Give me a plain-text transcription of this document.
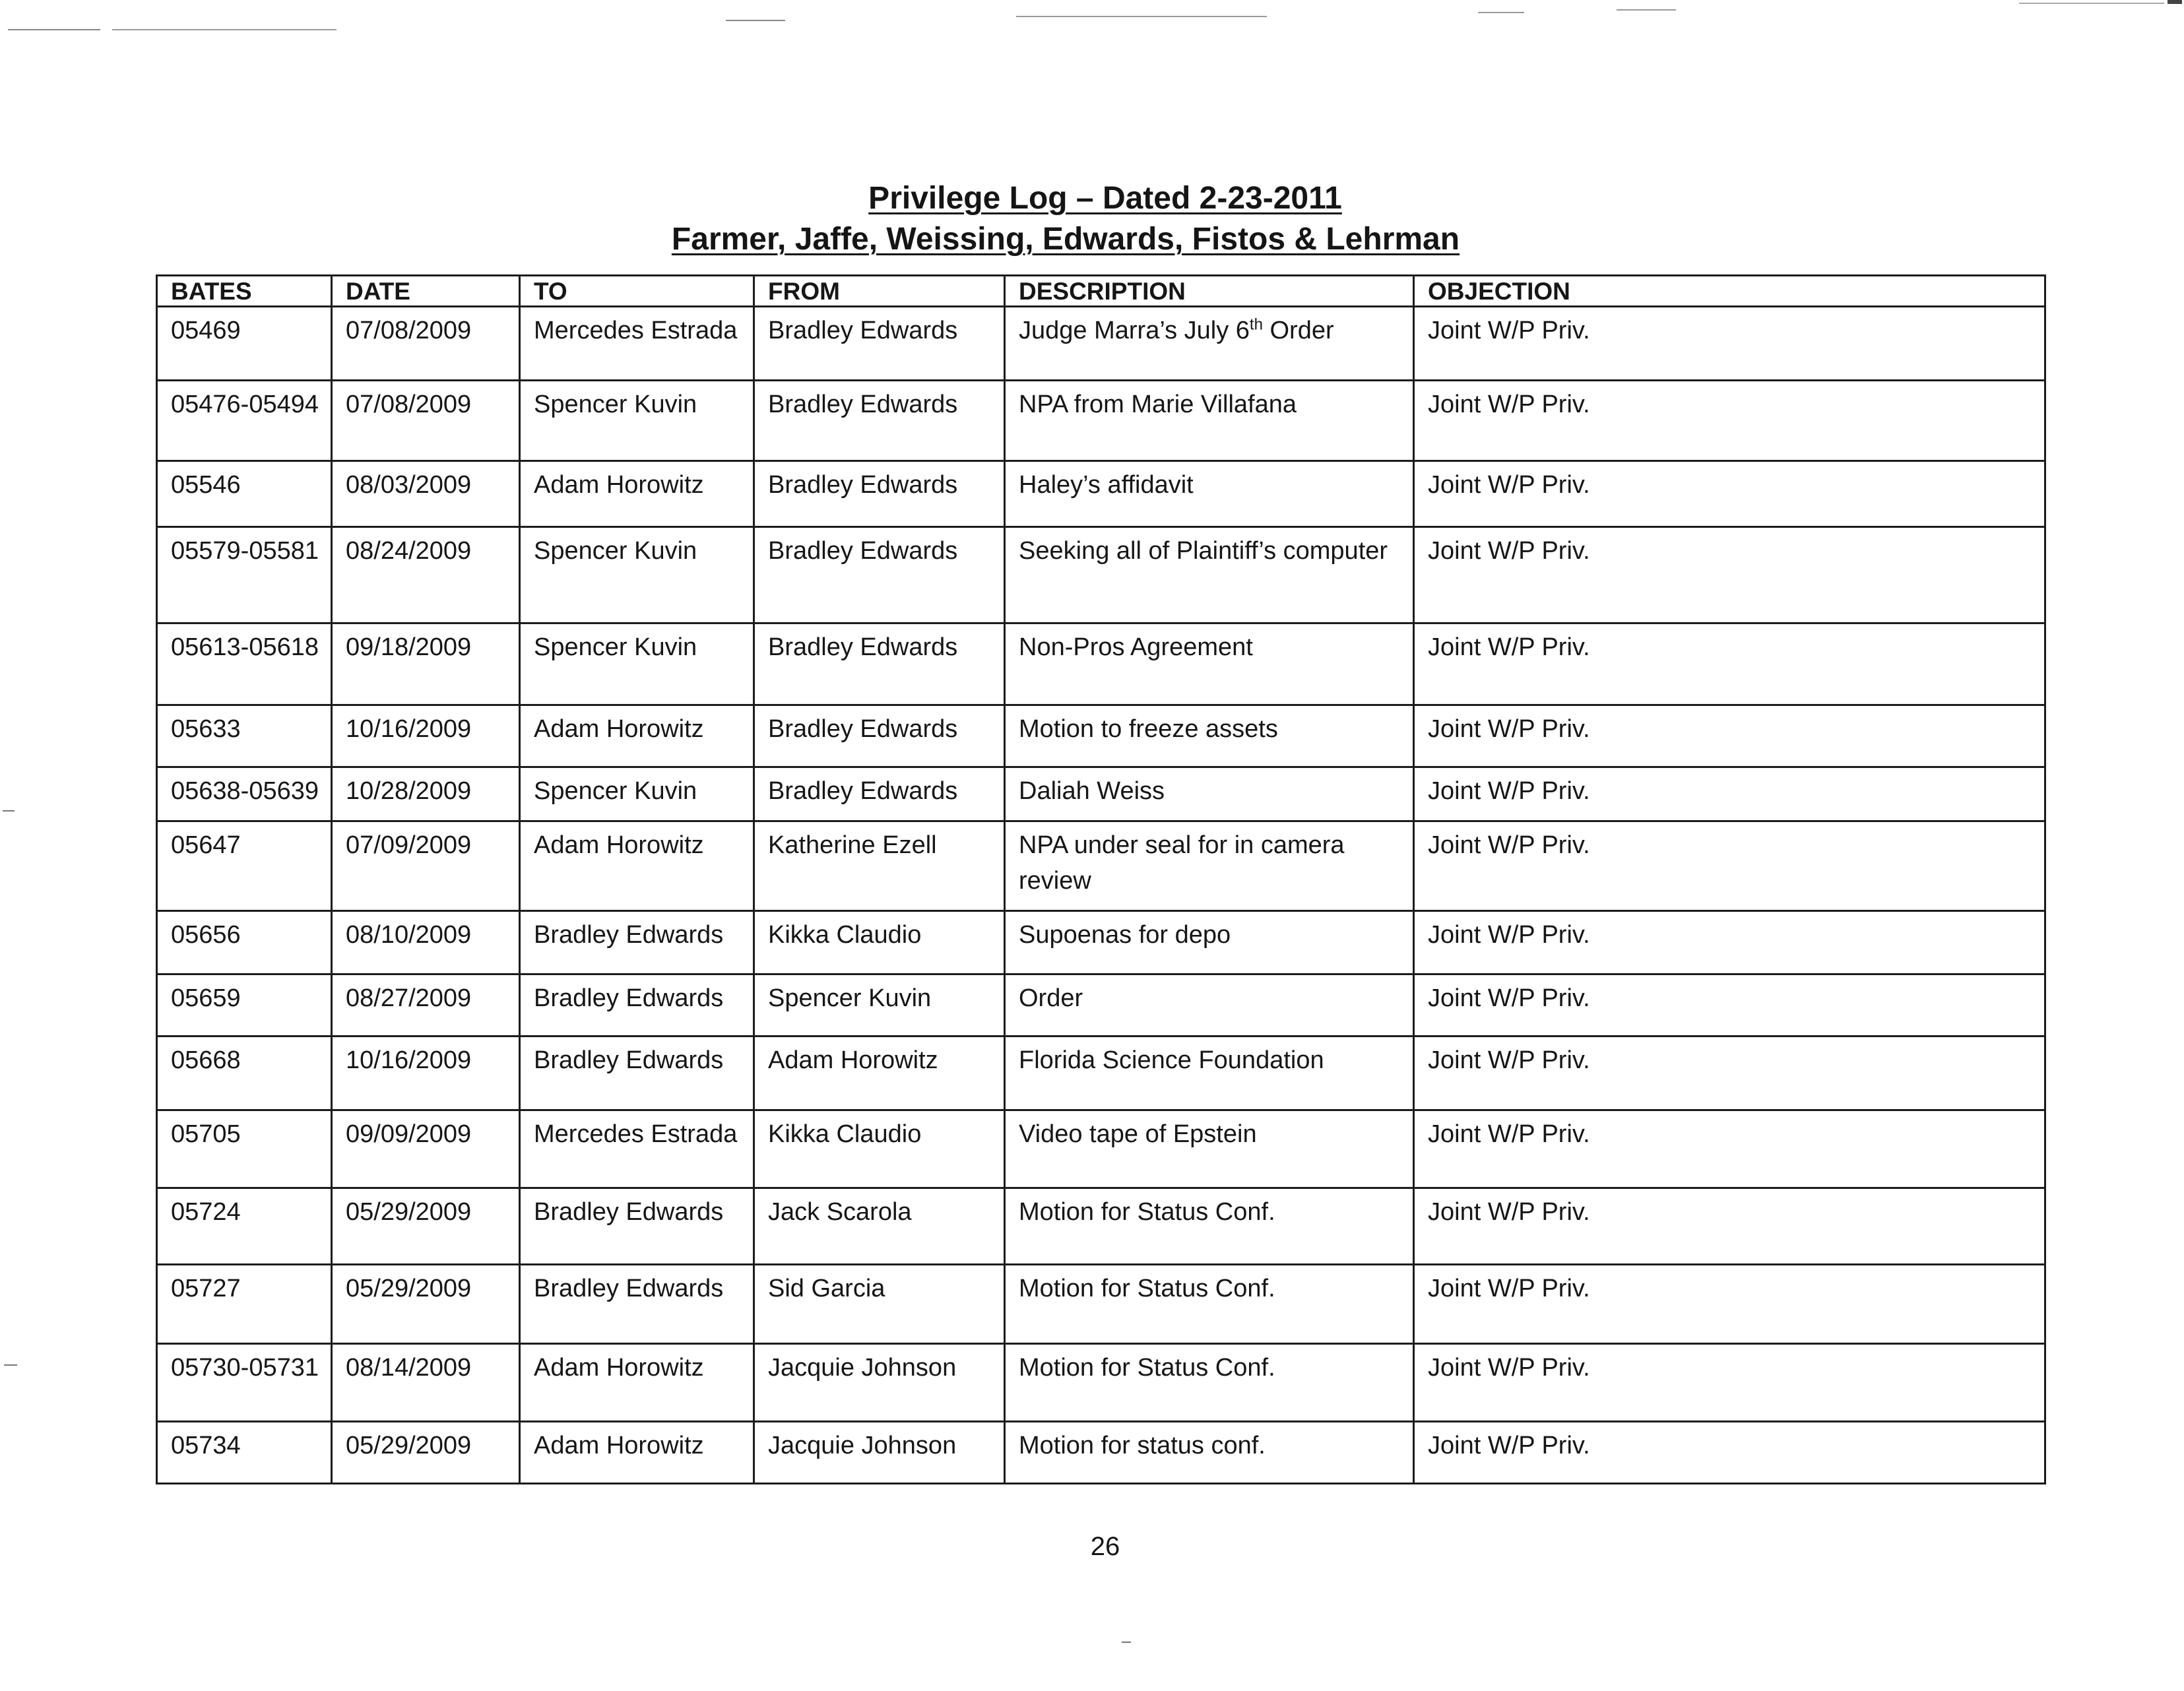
Privilege Log – Dated 2-23-2011
Farmer, Jaffe, Weissing, Edwards, Fistos & Lehrman
BATES	DATE	TO	FROM	DESCRIPTION	OBJECTION
05469	07/08/2009	Mercedes Estrada	Bradley Edwards	Judge Marra’s July 6th Order	Joint W/P Priv.
05476-05494	07/08/2009	Spencer Kuvin	Bradley Edwards	NPA from Marie Villafana	Joint W/P Priv.
05546	08/03/2009	Adam Horowitz	Bradley Edwards	Haley’s affidavit	Joint W/P Priv.
05579-05581	08/24/2009	Spencer Kuvin	Bradley Edwards	Seeking all of Plaintiff’s computer	Joint W/P Priv.
05613-05618	09/18/2009	Spencer Kuvin	Bradley Edwards	Non-Pros Agreement	Joint W/P Priv.
05633	10/16/2009	Adam Horowitz	Bradley Edwards	Motion to freeze assets	Joint W/P Priv.
05638-05639	10/28/2009	Spencer Kuvin	Bradley Edwards	Daliah Weiss	Joint W/P Priv.
05647	07/09/2009	Adam Horowitz	Katherine Ezell	NPA under seal for in camera review	Joint W/P Priv.
05656	08/10/2009	Bradley Edwards	Kikka Claudio	Supoenas for depo	Joint W/P Priv.
05659	08/27/2009	Bradley Edwards	Spencer Kuvin	Order	Joint W/P Priv.
05668	10/16/2009	Bradley Edwards	Adam Horowitz	Florida Science Foundation	Joint W/P Priv.
05705	09/09/2009	Mercedes Estrada	Kikka Claudio	Video tape of Epstein	Joint W/P Priv.
05724	05/29/2009	Bradley Edwards	Jack Scarola	Motion for Status Conf.	Joint W/P Priv.
05727	05/29/2009	Bradley Edwards	Sid Garcia	Motion for Status Conf.	Joint W/P Priv.
05730-05731	08/14/2009	Adam Horowitz	Jacquie Johnson	Motion for Status Conf.	Joint W/P Priv.
05734	05/29/2009	Adam Horowitz	Jacquie Johnson	Motion for status conf.	Joint W/P Priv.
26
